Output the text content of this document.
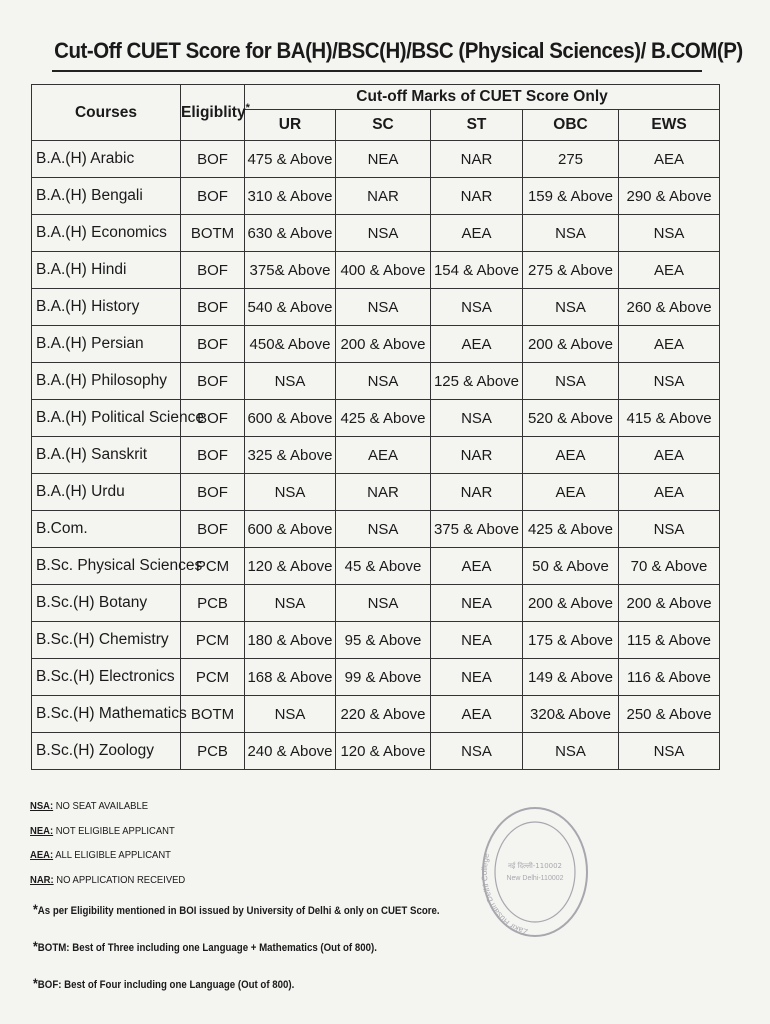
Cut-Off CUET Score for BA(H)/BSC(H)/BSC (Physical Sciences)/ B.COM(P)
Courses	Eligiblity*	Cut-off Marks of CUET Score Only				
		UR	SC	ST	OBC	EWS
B.A.(H) Arabic	BOF	475 & Above	NEA	NAR	275	AEA
B.A.(H) Bengali	BOF	310 & Above	NAR	NAR	159 & Above	290 & Above
B.A.(H) Economics	BOTM	630 & Above	NSA	AEA	NSA	NSA
B.A.(H) Hindi	BOF	375& Above	400 & Above	154 & Above	275 & Above	AEA
B.A.(H) History	BOF	540 & Above	NSA	NSA	NSA	260 & Above
B.A.(H) Persian	BOF	450& Above	200 & Above	AEA	200 & Above	AEA
B.A.(H) Philosophy	BOF	NSA	NSA	125 & Above	NSA	NSA
B.A.(H) Political Science	BOF	600 & Above	425 & Above	NSA	520 & Above	415 & Above
B.A.(H) Sanskrit	BOF	325 & Above	AEA	NAR	AEA	AEA
B.A.(H) Urdu	BOF	NSA	NAR	NAR	AEA	AEA
B.Com.	BOF	600 & Above	NSA	375 & Above	425 & Above	NSA
B.Sc. Physical Sciences	PCM	120 & Above	45 & Above	AEA	50 & Above	70 & Above
B.Sc.(H) Botany	PCB	NSA	NSA	NEA	200 & Above	200 & Above
B.Sc.(H) Chemistry	PCM	180 & Above	95 & Above	NEA	175 & Above	115 & Above
B.Sc.(H) Electronics	PCM	168 & Above	99 & Above	NEA	149 & Above	116 & Above
B.Sc.(H) Mathematics	BOTM	NSA	220 & Above	AEA	320& Above	250 & Above
B.Sc.(H) Zoology	PCB	240 & Above	120 & Above	NSA	NSA	NSA
NSA: NO SEAT AVAILABLE
NEA: NOT ELIGIBLE APPLICANT
AEA: ALL ELIGIBLE APPLICANT
NAR: NO APPLICATION RECEIVED
*As per Eligibility mentioned in BOI issued by University of Delhi & only on CUET Score.
*BOTM: Best of Three including one Language + Mathematics (Out of 800).
*BOF: Best of Four including one Language (Out of 800).
Zakir Husain Delhi College
नई दिल्ली-110002
New Delhi-110002
